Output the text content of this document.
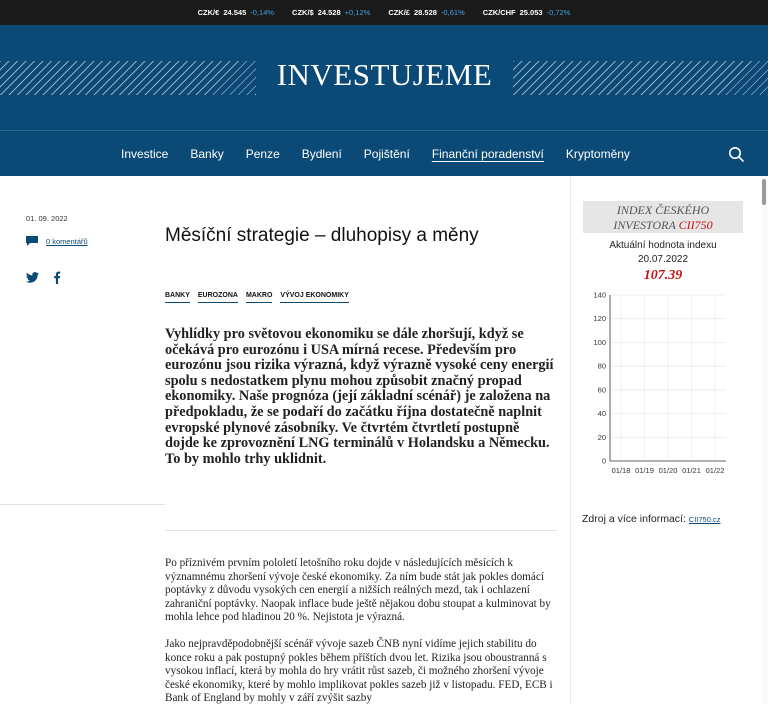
CZK/€ 24.545 -0,14% CZK/$ 24.528 +0,12% CZK/£ 28.528 -0,61% CZK/CHF 25.053 -0,72%
INVESTUJEME
Investice Banky Penze Bydlení Pojištění Finanční poradenství Kryptoměny
01. 09. 2022
0 komentářů	Měsíční strategie – dluhopisy a měny
BANKY EUROZONA MAKRO VÝVOJ EKONOMIKY
Vyhlídky pro světovou ekonomiku se dále zhoršují, když se očekává pro eurozónu i USA mírná recese. Především pro eurozónu jsou rizika výrazná, když výrazně vysoké ceny energií spolu s nedostatkem plynu mohou způsobit značný propad ekonomiky. Naše prognóza (její základní scénář) je založena na předpokladu, že se podaří do začátku října dostatečně naplnit evropské plynové zásobníky. Ve čtvrtém čtvrtletí postupně dojde ke zprovoznění LNG terminálů v Holandsku a Německu. To by mohlo trhy uklidnit.

Po příznivém prvním pololetí letošního roku dojde v následujících měsících k významnému zhoršení vývoje české ekonomiky. Za ním bude stát jak pokles domácí poptávky z důvodu vysokých cen energií a nižších reálných mezd, tak i ochlazení zahraniční poptávky. Naopak inflace bude ještě nějakou dobu stoupat a kulminovat by mohla lehce pod hladinou 20 %. Nejistota je výrazná.

Jako nejpravděpodobnější scénář vývoje sazeb ČNB nyní vidíme jejich stabilitu do konce roku a pak postupný pokles během příštích dvou let. Rizika jsou oboustranná s vysokou inflací, která by mohla do hry vrátit růst sazeb, či možného zhoršení vývoje české ekonomiky, které by mohlo implikovat pokles sazeb již v listopadu. FED, ECB i Bank of England by mohly v září zvýšit sazby

INDEX ČESKÉHO
INVESTORA CII750
Aktuální hodnota indexu
20.07.2022
107.39
0
20
40
60
80
100
120
140
01/18 01/19 01/20 01/21 01/22
Zdroj a více informací: CII750.cz
